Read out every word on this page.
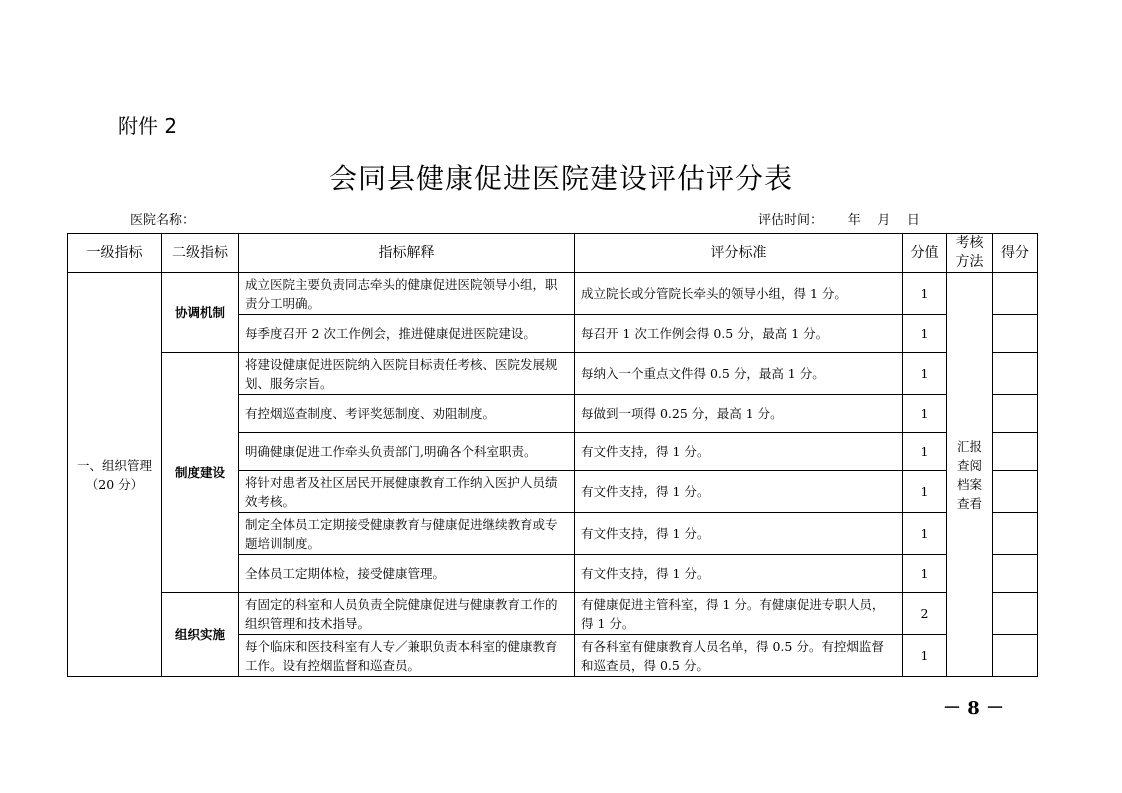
附件 2
会同县健康促进医院建设评估评分表
医院名称：	评估时间：      年    月    日
一级指标	二级指标	指标解释	评分标准	分值	考核方法	得分

一、组织管理
（20 分）	协调机制	成立医院主要负责同志牵头的健康促进医院领导小组，职责分工明确。	成立院长或分管院长牵头的领导小组，得 1 分。	1	汇报查阅档案查看	
		每季度召开 2 次工作例会，推进健康促进医院建设。	每召开 1 次工作例会得 0.5 分，最高 1 分。	1		
	制度建设	将建设健康促进医院纳入医院目标责任考核、医院发展规划、服务宗旨。	每纳入一个重点文件得 0.5 分，最高 1 分。	1		
		有控烟巡查制度、考评奖惩制度、劝阻制度。	每做到一项得 0.25 分，最高 1 分。	1		
		明确健康促进工作牵头负责部门,明确各个科室职责。	有文件支持，得 1 分。	1		
		将针对患者及社区居民开展健康教育工作纳入医护人员绩效考核。	有文件支持，得 1 分。	1		
		制定全体员工定期接受健康教育与健康促进继续教育或专题培训制度。	有文件支持，得 1 分。	1		
		全体员工定期体检，接受健康管理。	有文件支持，得 1 分。	1		
	组织实施	有固定的科室和人员负责全院健康促进与健康教育工作的组织管理和技术指导。	有健康促进主管科室，得 1 分。有健康促进专职人员，得 1 分。	2		
		每个临床和医技科室有人专／兼职负责本科室的健康教育工作。设有控烟监督和巡查员。	有各科室有健康教育人员名单，得 0.5 分。有控烟监督和巡查员，得 0.5 分。	1		
－ 8 －
